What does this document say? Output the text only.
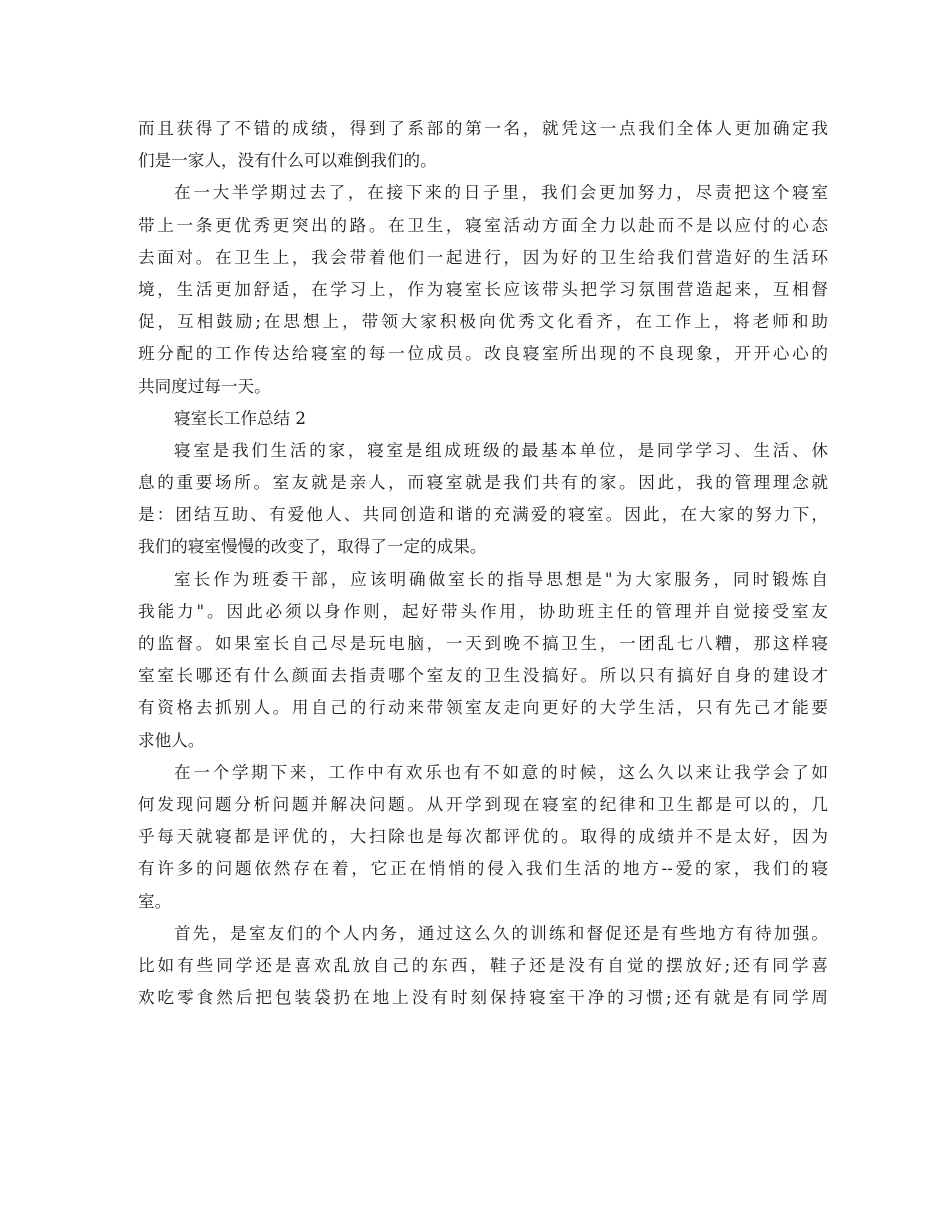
而且获得了不错的成绩，得到了系部的第一名，就凭这一点我们全体人更加确定我
们是一家人，没有什么可以难倒我们的。
在一大半学期过去了，在接下来的日子里，我们会更加努力，尽责把这个寝室
带上一条更优秀更突出的路。在卫生，寝室活动方面全力以赴而不是以应付的心态
去面对。在卫生上，我会带着他们一起进行，因为好的卫生给我们营造好的生活环
境，生活更加舒适，在学习上，作为寝室长应该带头把学习氛围营造起来，互相督
促，互相鼓励;在思想上，带领大家积极向优秀文化看齐，在工作上，将老师和助
班分配的工作传达给寝室的每一位成员。改良寝室所出现的不良现象，开开心心的
共同度过每一天。
寝室长工作总结 2
寝室是我们生活的家，寝室是组成班级的最基本单位，是同学学习、生活、休
息的重要场所。室友就是亲人，而寝室就是我们共有的家。因此，我的管理理念就
是：团结互助、有爱他人、共同创造和谐的充满爱的寝室。因此，在大家的努力下，
我们的寝室慢慢的改变了，取得了一定的成果。
室长作为班委干部，应该明确做室长的指导思想是"为大家服务，同时锻炼自
我能力"。因此必须以身作则，起好带头作用，协助班主任的管理并自觉接受室友
的监督。如果室长自己尽是玩电脑，一天到晚不搞卫生，一团乱七八糟，那这样寝
室室长哪还有什么颜面去指责哪个室友的卫生没搞好。所以只有搞好自身的建设才
有资格去抓别人。用自己的行动来带领室友走向更好的大学生活，只有先己才能要
求他人。
在一个学期下来，工作中有欢乐也有不如意的时候，这么久以来让我学会了如
何发现问题分析问题并解决问题。从开学到现在寝室的纪律和卫生都是可以的，几
乎每天就寝都是评优的，大扫除也是每次都评优的。取得的成绩并不是太好，因为
有许多的问题依然存在着，它正在悄悄的侵入我们生活的地方--爱的家，我们的寝
室。
首先，是室友们的个人内务，通过这么久的训练和督促还是有些地方有待加强。
比如有些同学还是喜欢乱放自己的东西，鞋子还是没有自觉的摆放好;还有同学喜
欢吃零食然后把包装袋扔在地上没有时刻保持寝室干净的习惯;还有就是有同学周
